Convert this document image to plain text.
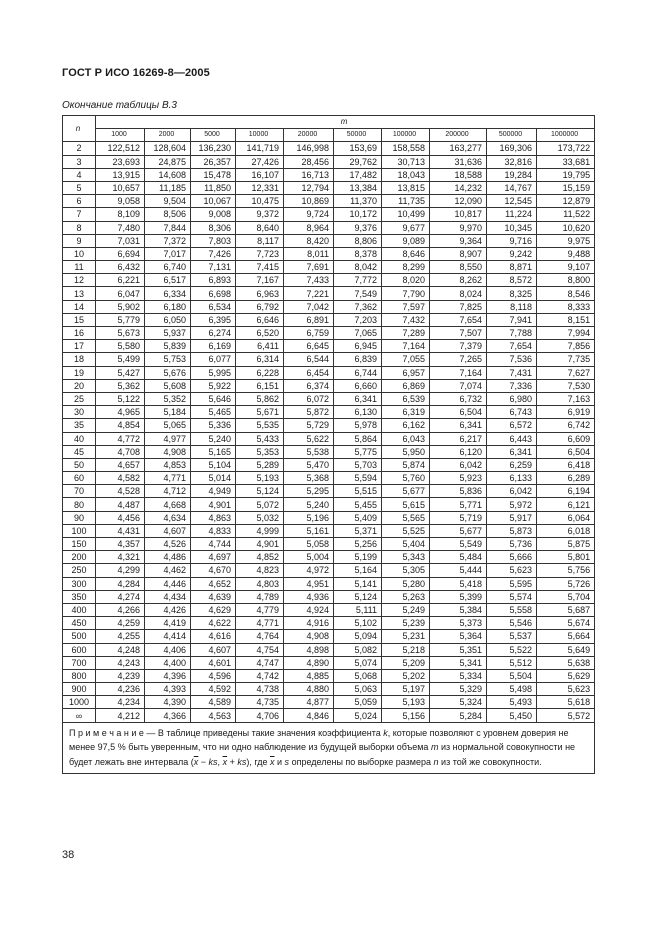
ГОСТ Р ИСО 16269-8—2005
Окончание таблицы B.3
n	m									
	1000	2000	5000	10000	20000	50000	100000	200000	500000	1000000
2	122,512	128,604	136,230	141,719	146,998	153,69	158,558	163,277	169,306	173,722
3	23,693	24,875	26,357	27,426	28,456	29,762	30,713	31,636	32,816	33,681
4	13,915	14,608	15,478	16,107	16,713	17,482	18,043	18,588	19,284	19,795
5	10,657	11,185	11,850	12,331	12,794	13,384	13,815	14,232	14,767	15,159
6	9,058	9,504	10,067	10,475	10,869	11,370	11,735	12,090	12,545	12,879
7	8,109	8,506	9,008	9,372	9,724	10,172	10,499	10,817	11,224	11,522
8	7,480	7,844	8,306	8,640	8,964	9,376	9,677	9,970	10,345	10,620
9	7,031	7,372	7,803	8,117	8,420	8,806	9,089	9,364	9,716	9,975
10	6,694	7,017	7,426	7,723	8,011	8,378	8,646	8,907	9,242	9,488
11	6,432	6,740	7,131	7,415	7,691	8,042	8,299	8,550	8,871	9,107
12	6,221	6,517	6,893	7,167	7,433	7,772	8,020	8,262	8,572	8,800
13	6,047	6,334	6,698	6,963	7,221	7,549	7,790	8,024	8,325	8,546
14	5,902	6,180	6,534	6,792	7,042	7,362	7,597	7,825	8,118	8,333
15	5,779	6,050	6,395	6,646	6,891	7,203	7,432	7,654	7,941	8,151
16	5,673	5,937	6,274	6,520	6,759	7,065	7,289	7,507	7,788	7,994
17	5,580	5,839	6,169	6,411	6,645	6,945	7,164	7,379	7,654	7,856
18	5,499	5,753	6,077	6,314	6,544	6,839	7,055	7,265	7,536	7,735
19	5,427	5,676	5,995	6,228	6,454	6,744	6,957	7,164	7,431	7,627
20	5,362	5,608	5,922	6,151	6,374	6,660	6,869	7,074	7,336	7,530
25	5,122	5,352	5,646	5,862	6,072	6,341	6,539	6,732	6,980	7,163
30	4,965	5,184	5,465	5,671	5,872	6,130	6,319	6,504	6,743	6,919
35	4,854	5,065	5,336	5,535	5,729	5,978	6,162	6,341	6,572	6,742
40	4,772	4,977	5,240	5,433	5,622	5,864	6,043	6,217	6,443	6,609
45	4,708	4,908	5,165	5,353	5,538	5,775	5,950	6,120	6,341	6,504
50	4,657	4,853	5,104	5,289	5,470	5,703	5,874	6,042	6,259	6,418
60	4,582	4,771	5,014	5,193	5,368	5,594	5,760	5,923	6,133	6,289
70	4,528	4,712	4,949	5,124	5,295	5,515	5,677	5,836	6,042	6,194
80	4,487	4,668	4,901	5,072	5,240	5,455	5,615	5,771	5,972	6,121
90	4,456	4,634	4,863	5,032	5,196	5,409	5,565	5,719	5,917	6,064
100	4,431	4,607	4,833	4,999	5,161	5,371	5,525	5,677	5,873	6,018
150	4,357	4,526	4,744	4,901	5,058	5,256	5,404	5,549	5,736	5,875
200	4,321	4,486	4,697	4,852	5,004	5,199	5,343	5,484	5,666	5,801
250	4,299	4,462	4,670	4,823	4,972	5,164	5,305	5,444	5,623	5,756
300	4,284	4,446	4,652	4,803	4,951	5,141	5,280	5,418	5,595	5,726
350	4,274	4,434	4,639	4,789	4,936	5,124	5,263	5,399	5,574	5,704
400	4,266	4,426	4,629	4,779	4,924	5,111	5,249	5,384	5,558	5,687
450	4,259	4,419	4,622	4,771	4,916	5,102	5,239	5,373	5,546	5,674
500	4,255	4,414	4,616	4,764	4,908	5,094	5,231	5,364	5,537	5,664
600	4,248	4,406	4,607	4,754	4,898	5,082	5,218	5,351	5,522	5,649
700	4,243	4,400	4,601	4,747	4,890	5,074	5,209	5,341	5,512	5,638
800	4,239	4,396	4,596	4,742	4,885	5,068	5,202	5,334	5,504	5,629
900	4,236	4,393	4,592	4,738	4,880	5,063	5,197	5,329	5,498	5,623
1000	4,234	4,390	4,589	4,735	4,877	5,059	5,193	5,324	5,493	5,618
∞	4,212	4,366	4,563	4,706	4,846	5,024	5,156	5,284	5,450	5,572
П р и м е ч а н и е — В таблице приведены такие значения коэффициента k, которые позволяют с уровнем доверия не менее 97,5 % быть уверенным, что ни одно наблюдение из будущей выборки объема m из нормальной совокупности не будет лежать вне интервала ($\overline{x}$ − ks, $\overline{x} + ks$), где $\overline{x}$ и s определены по выборке размера n из той же совокупности.										
38
